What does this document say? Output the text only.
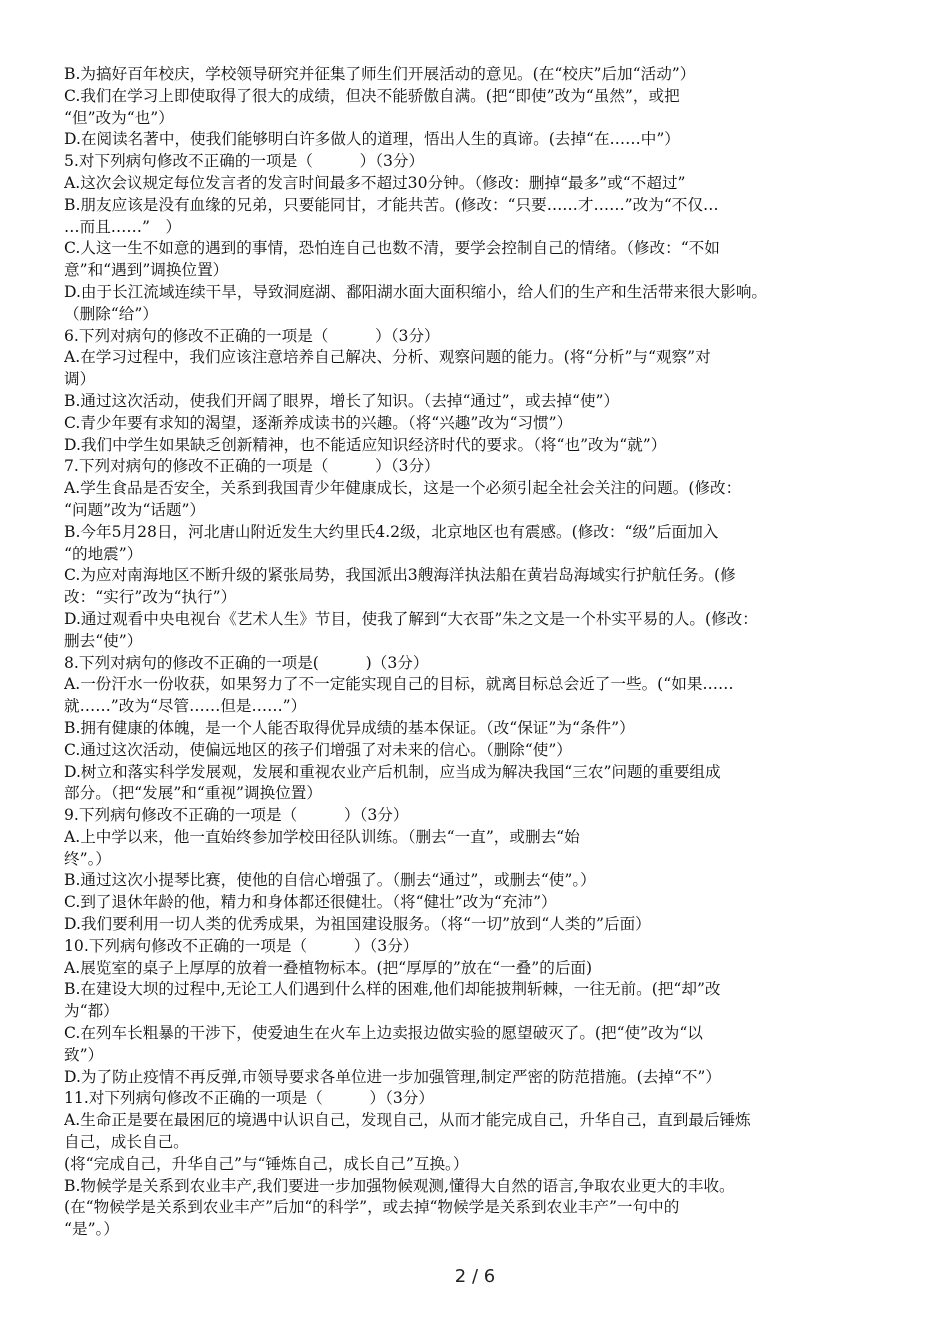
B.为搞好百年校庆，学校领导研究并征集了师生们开展活动的意见。(在“校庆”后加“活动”）
C.我们在学习上即使取得了很大的成绩，但决不能骄傲自满。(把“即使”改为“虽然”，或把
“但”改为“也”）
D.在阅读名著中，使我们能够明白许多做人的道理，悟出人生的真谛。(去掉“在……中”）
5.对下列病句修改不正确的一项是（　　　）（3分）
A.这次会议规定每位发言者的发言时间最多不超过30分钟。（修改：删掉“最多”或“不超过”
B.朋友应该是没有血缘的兄弟，只要能同甘，才能共苦。(修改：“只要……才……”改为“不仅…
…而且……”　）
C.人这一生不如意的遇到的事情，恐怕连自己也数不清，要学会控制自己的情绪。（修改：“不如
意”和“遇到”调换位置）
D.由于长江流域连续干旱，导致洞庭湖、鄱阳湖水面大面积缩小，给人们的生产和生活带来很大影响。
（删除“给”）
6.下列对病句的修改不正确的一项是（　　　）（3分）
A.在学习过程中，我们应该注意培养自己解决、分析、观察问题的能力。(将“分析”与“观察”对
调）
B.通过这次活动，使我们开阔了眼界，增长了知识。（去掉“通过”，或去掉“使”）
C.青少年要有求知的渴望，逐渐养成读书的兴趣。（将“兴趣”改为“习惯”）
D.我们中学生如果缺乏创新精神，也不能适应知识经济时代的要求。（将“也”改为“就”）
7.下列对病句的修改不正确的一项是（　　　）（3分）
A.学生食品是否安全，关系到我国青少年健康成长，这是一个必须引起全社会关注的问题。(修改：
“问题”改为“话题”）
B.今年5月28日，河北唐山附近发生大约里氏4.2级，北京地区也有震感。(修改：“级”后面加入
“的地震”）
C.为应对南海地区不断升级的紧张局势，我国派出3艘海洋执法船在黄岩岛海域实行护航任务。(修
改：“实行”改为“执行”）
D.通过观看中央电视台《艺术人生》节目，使我了解到“大衣哥”朱之文是一个朴实平易的人。(修改：
删去“使”）
8.下列对病句的修改不正确的一项是(　　　)（3分）
A.一份汗水一份收获，如果努力了不一定能实现自己的目标，就离目标总会近了一些。(“如果……
就……”改为“尽管……但是……”）
B.拥有健康的体魄，是一个人能否取得优异成绩的基本保证。（改“保证”为“条件”）
C.通过这次活动，使偏远地区的孩子们增强了对未来的信心。（删除“使”）
D.树立和落实科学发展观，发展和重视农业产后机制，应当成为解决我国“三农”问题的重要组成
部分。（把“发展”和“重视”调换位置）
9.下列病句修改不正确的一项是（　　　）（3分）
A.上中学以来，他一直始终参加学校田径队训练。（删去“一直”，或删去“始
终”。）
B.通过这次小提琴比赛，使他的自信心增强了。（删去“通过”，或删去“使”。）
C.到了退休年龄的他，精力和身体都还很健壮。（将“健壮”改为“充沛”）
D.我们要利用一切人类的优秀成果，为祖国建设服务。（将“一切”放到“人类的”后面）
10.下列病句修改不正确的一项是（　　　）（3分）
A.展览室的桌子上厚厚的放着一叠植物标本。(把“厚厚的”放在“一叠”的后面)
B.在建设大坝的过程中,无论工人们遇到什么样的困难,他们却能披荆斩棘，一往无前。(把“却”改
为“都）
C.在列车长粗暴的干涉下，使爱迪生在火车上边卖报边做实验的愿望破灭了。(把“使”改为“以
致”）
D.为了防止疫情不再反弹,市领导要求各单位进一步加强管理,制定严密的防范措施。(去掉“不”）
11.对下列病句修改不正确的一项是（　　　）（3分）
A.生命正是要在最困厄的境遇中认识自己，发现自己，从而才能完成自己，升华自己，直到最后锤炼
自己，成长自己。
(将“完成自己，升华自己”与“锤炼自己，成长自己”互换。）
B.物候学是关系到农业丰产,我们要进一步加强物候观测,懂得大自然的语言,争取农业更大的丰收。
(在“物候学是关系到农业丰产”后加“的科学”，或去掉“物候学是关系到农业丰产”一句中的
“是”。）
2 / 6
